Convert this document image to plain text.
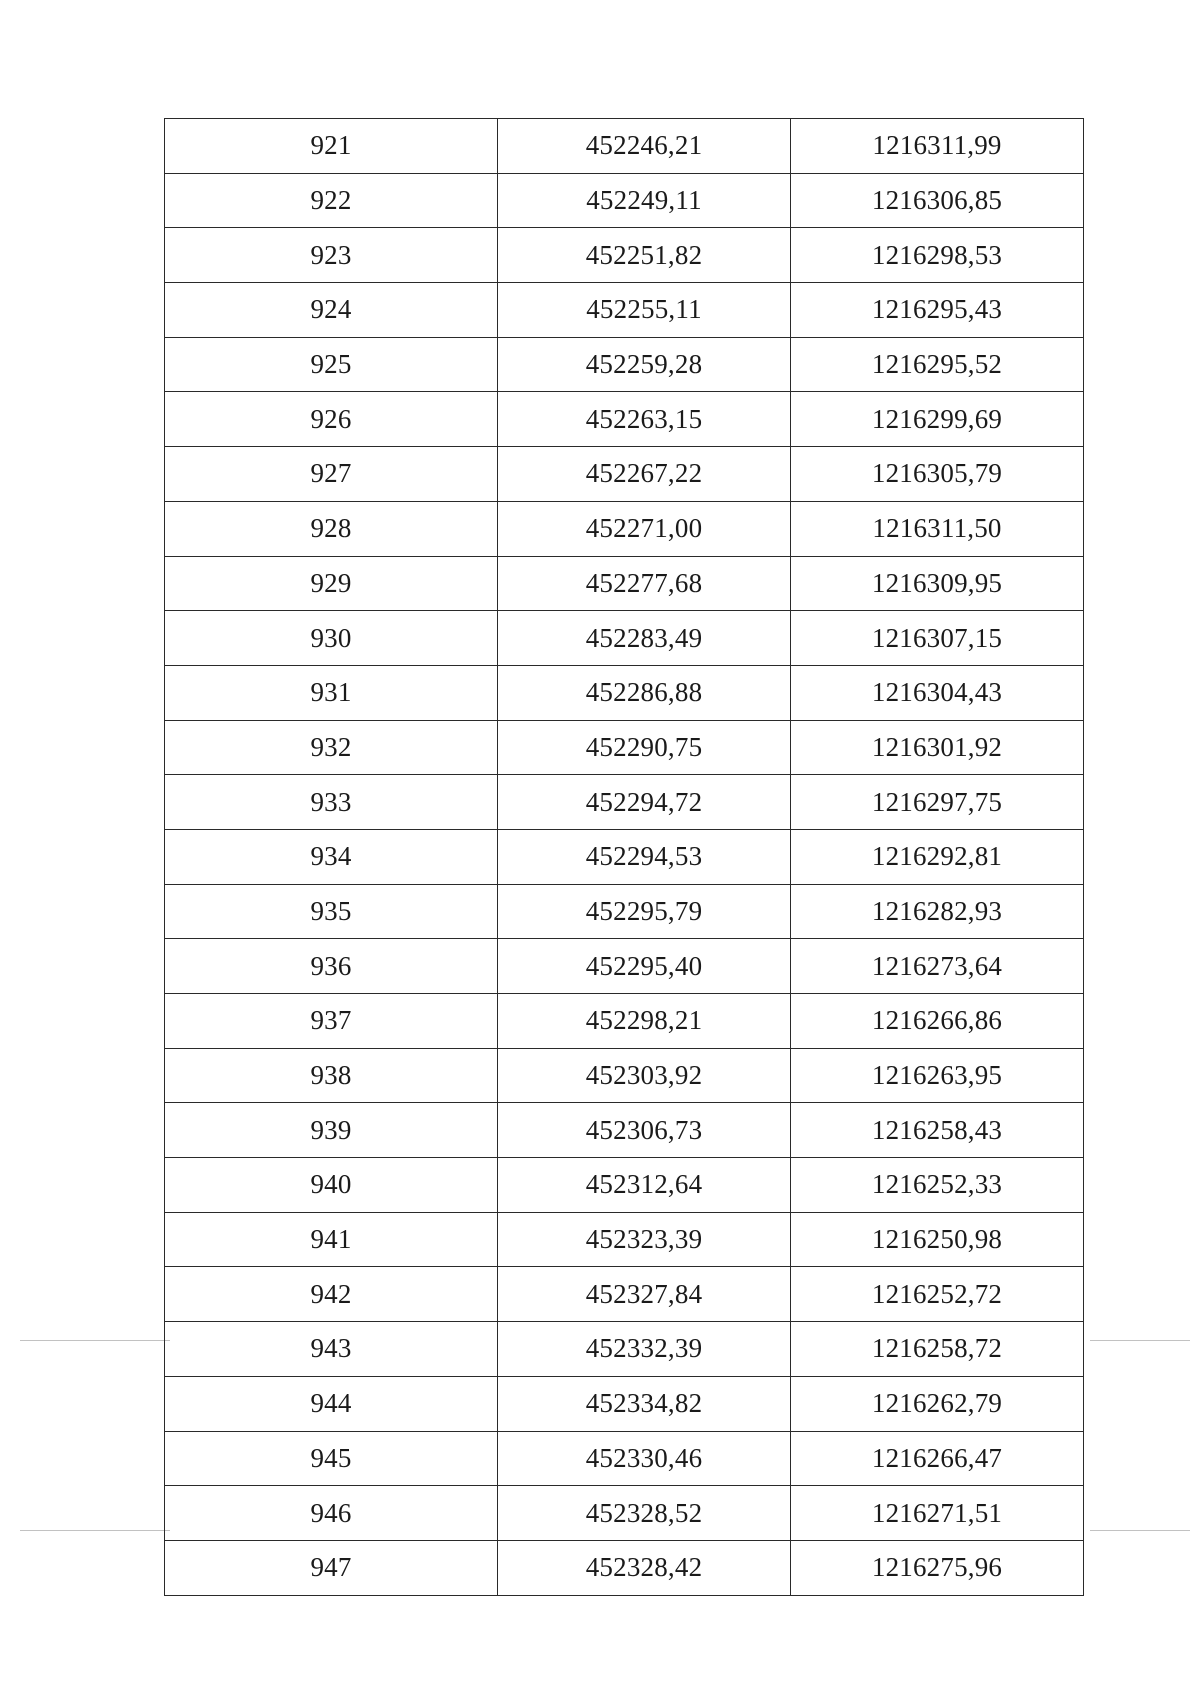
921	452246,21	1216311,99
922	452249,11	1216306,85
923	452251,82	1216298,53
924	452255,11	1216295,43
925	452259,28	1216295,52
926	452263,15	1216299,69
927	452267,22	1216305,79
928	452271,00	1216311,50
929	452277,68	1216309,95
930	452283,49	1216307,15
931	452286,88	1216304,43
932	452290,75	1216301,92
933	452294,72	1216297,75
934	452294,53	1216292,81
935	452295,79	1216282,93
936	452295,40	1216273,64
937	452298,21	1216266,86
938	452303,92	1216263,95
939	452306,73	1216258,43
940	452312,64	1216252,33
941	452323,39	1216250,98
942	452327,84	1216252,72
943	452332,39	1216258,72
944	452334,82	1216262,79
945	452330,46	1216266,47
946	452328,52	1216271,51
947	452328,42	1216275,96
